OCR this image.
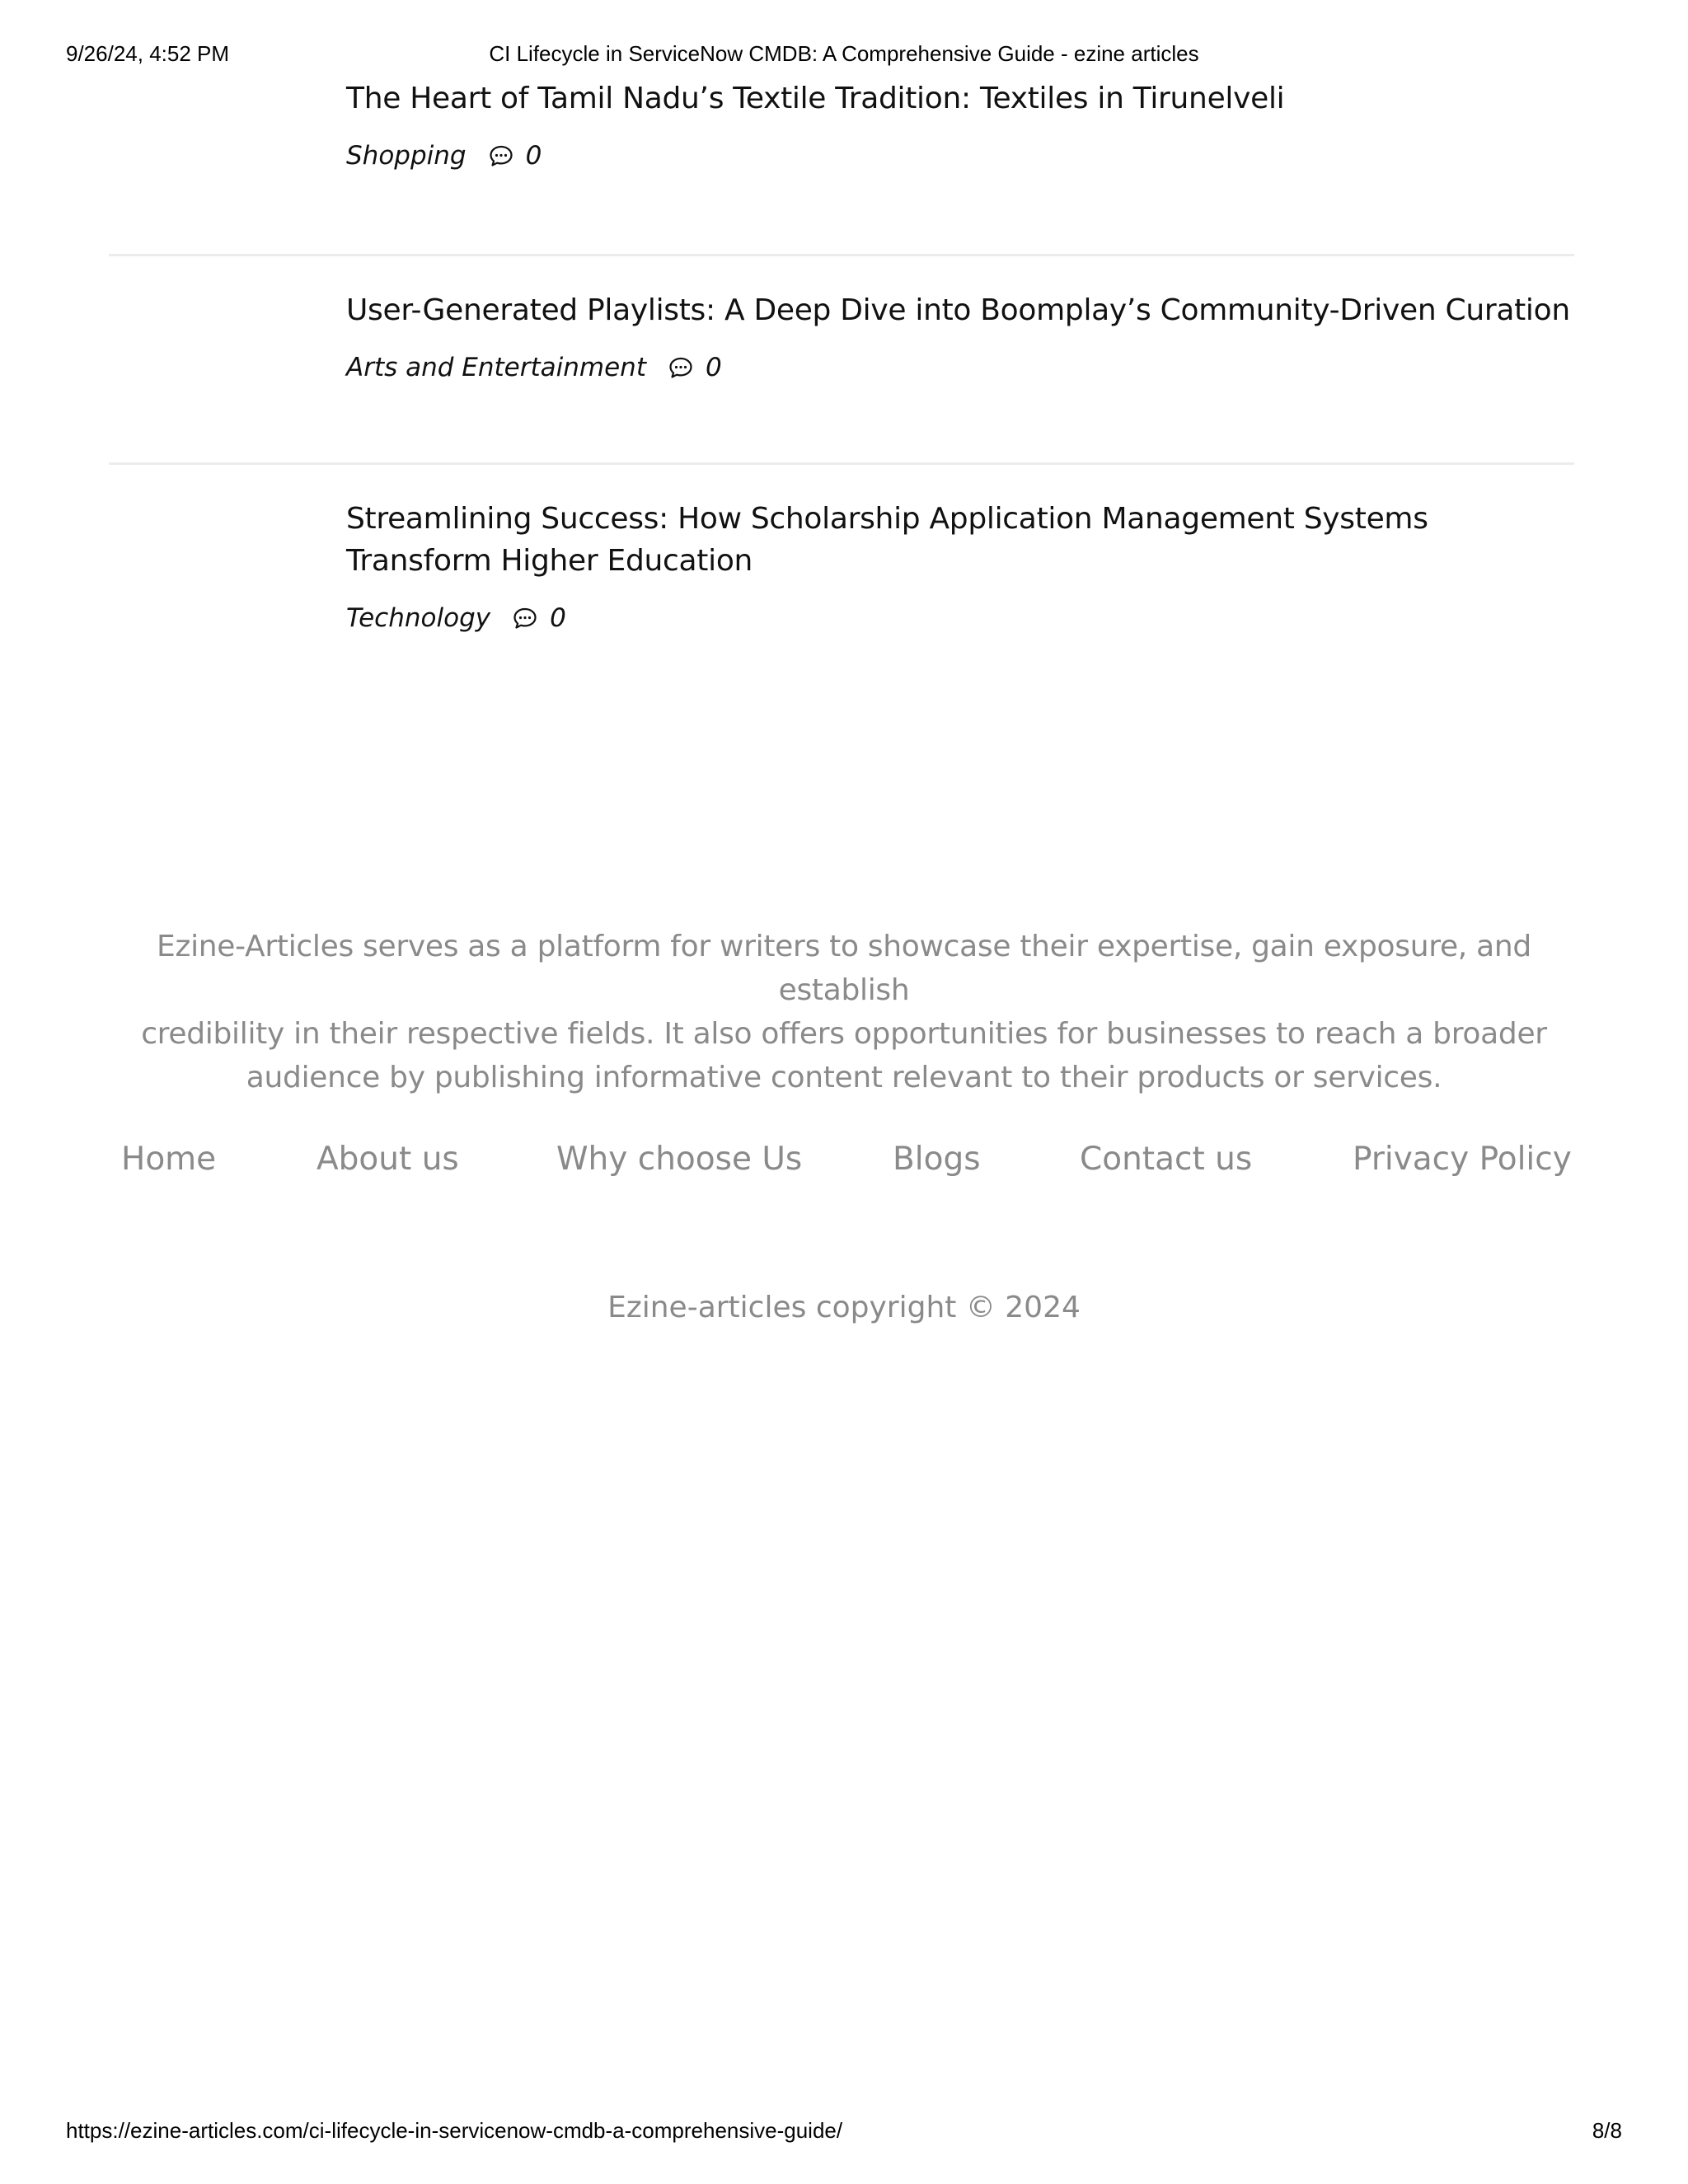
9/26/24, 4:52 PM	CI Lifecycle in ServiceNow CMDB: A Comprehensive Guide - ezine articles
The Heart of Tamil Nadu’s Textile Tradition: Textiles in Tirunelveli
Shopping 0
User-Generated Playlists: A Deep Dive into Boomplay’s Community-Driven Curation
Arts and Entertainment 0
Streamlining Success: How Scholarship Application Management Systems
Transform Higher Education
Technology 0
Ezine-Articles serves as a platform for writers to showcase their expertise, gain exposure, and establish
credibility in their respective fields. It also offers opportunities for businesses to reach a broader
audience by publishing informative content relevant to their products or services.
Home	About us	Why choose Us	Blogs	Contact us	Privacy Policy
Ezine-articles copyright © 2024
https://ezine-articles.com/ci-lifecycle-in-servicenow-cmdb-a-comprehensive-guide/	8/8
